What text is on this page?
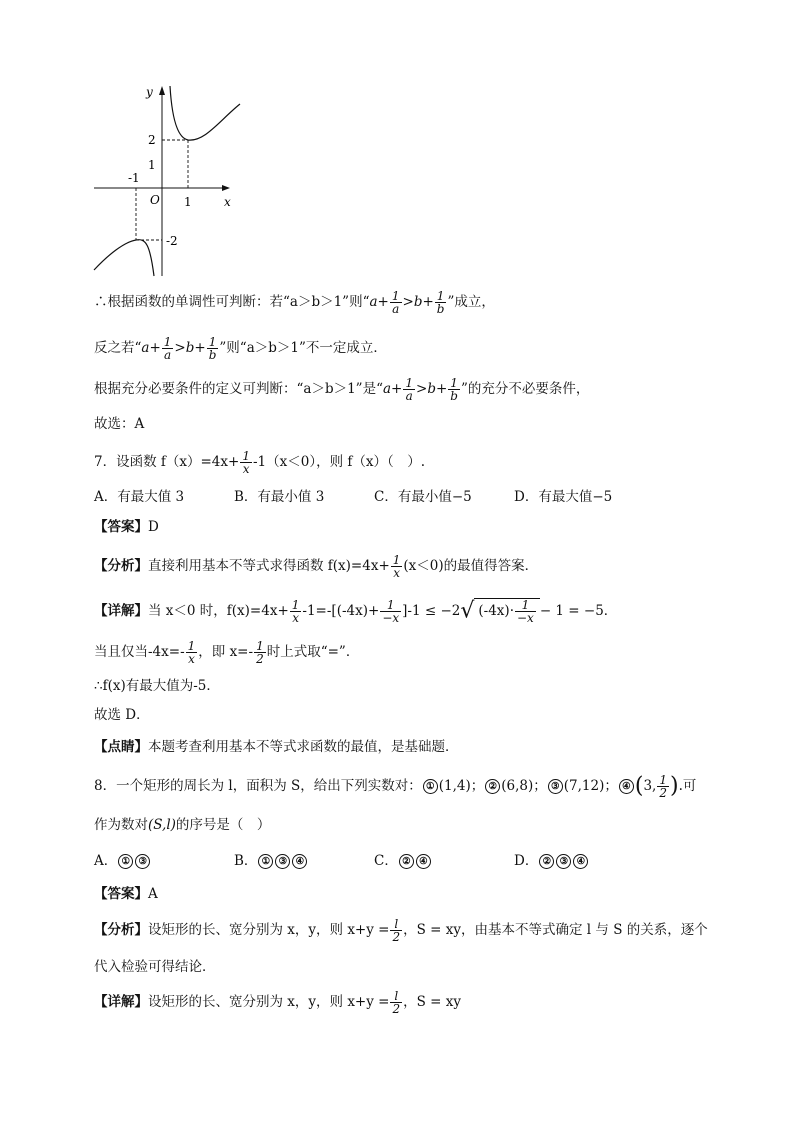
y
x
O
2
1
-2
-1
1
∴根据函数的单调性可判断：若“a＞b＞1”则“$a+ \frac{1}{a} >b+ \frac{1}{b}$ ”成立，
反之若“$a+ \frac{1}{a} >b+ \frac{1}{b}$ ”则“a＞b＞1”不一定成立．
根据充分必要条件的定义可判断：“a＞b＞1”是“$a+ \frac{1}{a} >b+ \frac{1}{b}$ ”的充分不必要条件，
故选：A
7．设函数 $f(x)=4x+ \frac{1}{x} -1(x<0)$，则 f（x）（　）.
A．有最大值 3	B．有最小值 3	C．有最小值−5	D．有最大值−5
【答案】D
【分析】直接利用基本不等式求得函数 $f(x)=4x+ \frac{1}{x} (x<0)$的最值得答案．
【详解】当 x＜0 时，$f(x)=4x+ \frac{1}{x} -1=-[(-4x)+ \frac{1}{-x} ]-1 \le -2√$ $(-4x)\cdot \frac{1}{-x} - 1 = -5$．
当且仅当$-4x=- \frac{1}{x}$ ，即 $x=- \frac{1}{2}$ 时上式取“=”．
∴f(x)有最大值为-5．
故选 D．
【点睛】本题考查利用基本不等式求函数的最值，是基础题．
8．一个矩形的周长为 l，面积为 S，给出下列实数对： ① (1,4)； ② (6,8)； ③ (7,12)； ④ (3, $\frac{1}{2}$ ).可
作为数对(S,l)的序号是（　）
A． ① ③	B． ① ③ ④	C． ② ④	D． ② ③ ④
【答案】A
【分析】设矩形的长、宽分别为 x，y，则 $x+y = \frac{l}{2}$ ，S = xy，由基本不等式确定 l 与 S 的关系，逐个
代入检验可得结论．
【详解】设矩形的长、宽分别为 x，y，则 $x+y = \frac{l}{2}$ ，S = xy
